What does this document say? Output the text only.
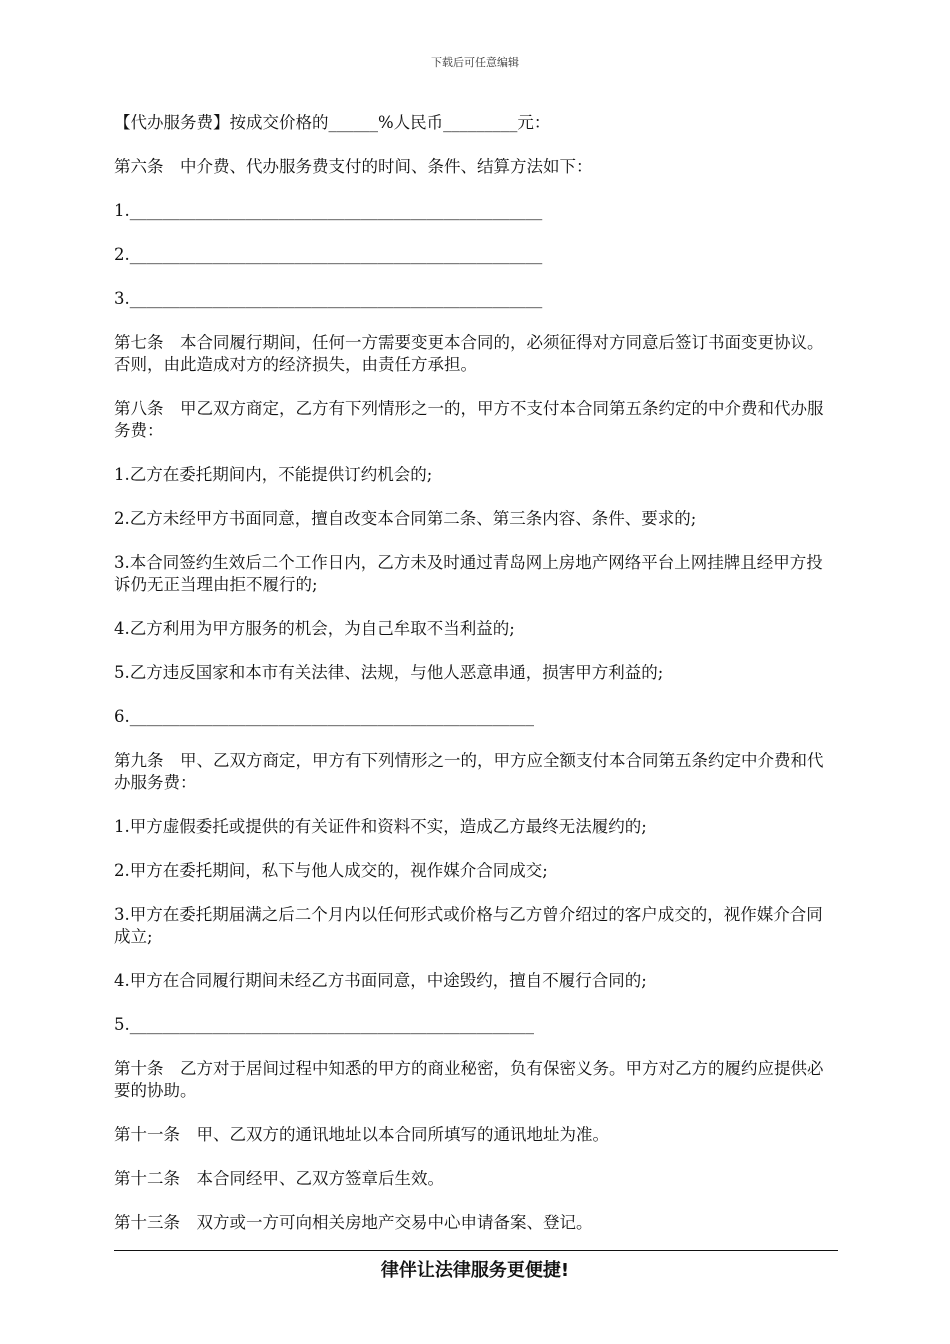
下载后可任意编辑

【代办服务费】按成交价格的______%人民币_________元：

第六条　中介费、代办服务费支付的时间、条件、结算方法如下：

1.__________________________________________________

2.__________________________________________________

3.__________________________________________________

第七条　本合同履行期间，任何一方需要变更本合同的，必须征得对方同意后签订书面变更协议。否则，由此造成对方的经济损失，由责任方承担。

第八条　甲乙双方商定，乙方有下列情形之一的，甲方不支付本合同第五条约定的中介费和代办服务费：

1.乙方在委托期间内，不能提供订约机会的;

2.乙方未经甲方书面同意，擅自改变本合同第二条、第三条内容、条件、要求的;

3.本合同签约生效后二个工作日内，乙方未及时通过青岛网上房地产网络平台上网挂牌且经甲方投诉仍无正当理由拒不履行的;

4.乙方利用为甲方服务的机会，为自己牟取不当利益的;

5.乙方违反国家和本市有关法律、法规，与他人恶意串通，损害甲方利益的;

6._________________________________________________

第九条　甲、乙双方商定，甲方有下列情形之一的，甲方应全额支付本合同第五条约定中介费和代办服务费：

1.甲方虚假委托或提供的有关证件和资料不实，造成乙方最终无法履约的;

2.甲方在委托期间，私下与他人成交的，视作媒介合同成交;

3.甲方在委托期届满之后二个月内以任何形式或价格与乙方曾介绍过的客户成交的，视作媒介合同成立;

4.甲方在合同履行期间未经乙方书面同意，中途毁约，擅自不履行合同的;

5._________________________________________________

第十条　乙方对于居间过程中知悉的甲方的商业秘密，负有保密义务。甲方对乙方的履约应提供必要的协助。

第十一条　甲、乙双方的通讯地址以本合同所填写的通讯地址为准。

第十二条　本合同经甲、乙双方签章后生效。

第十三条　双方或一方可向相关房地产交易中心申请备案、登记。

律伴让法律服务更便捷!
